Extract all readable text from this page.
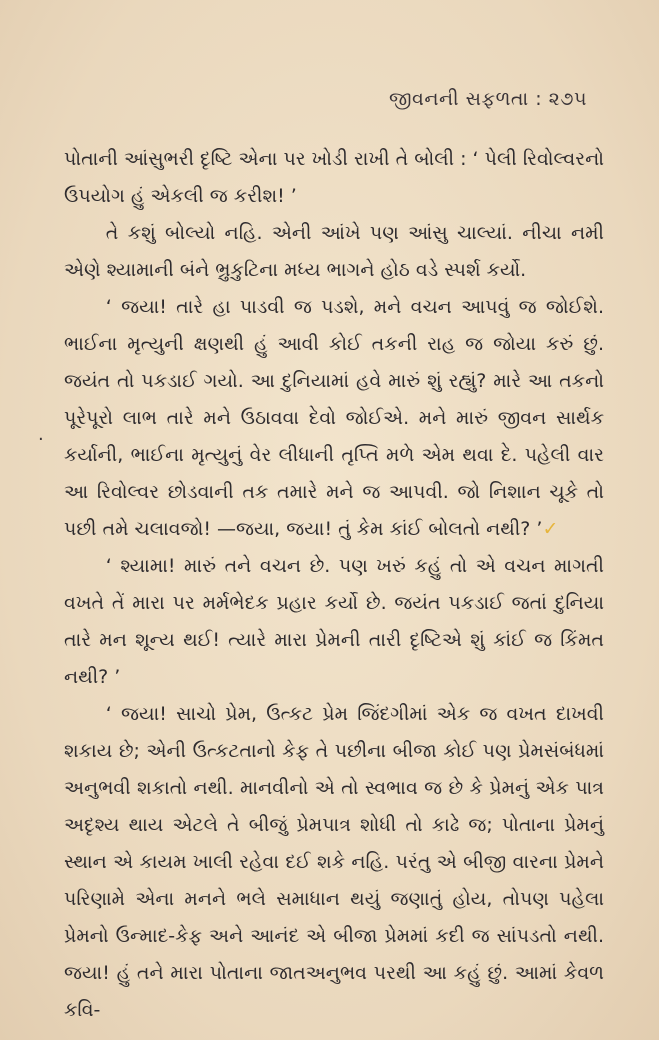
જીવનની સફળતા : ૨૭૫
.

પોતાની આંસુભરી દૃષ્ટિ એના પર ખોડી રાખી તે બોલી : ‘ પેલી રિવોલ્વરનો ઉપયોગ હું એકલી જ કરીશ! ’

તે કશું બોલ્યો નહિ. એની આંખે પણ આંસુ ચાલ્યાં. નીચા નમી એણે શ્યામાની બંને ભ્રુકુટિના મધ્ય ભાગને હોઠ વડે સ્પર્શ કર્યો.

‘ જયા! તારે હા પાડવી જ પડશે, મને વચન આપવું જ જોઈશે. ભાઈના મૃત્યુની ક્ષણથી હું આવી કોઈ તકની રાહ જ જોયા કરું છું. જયંત તો પકડાઈ ગયો. આ દુનિયામાં હવે મારું શું રહ્યું? મારે આ તકનો પૂરેપૂરો લાભ તારે મને ઉઠાવવા દેવો જોઈએ. મને મારું જીવન સાર્થક કર્યાની, ભાઈના મૃત્યુનું વેર લીધાની તૃપ્તિ મળે એમ થવા દે. પહેલી વાર આ રિવોલ્વર છોડવાની તક તમારે મને જ આપવી. જો નિશાન ચૂકે તો પછી તમે ચલાવજો! —જયા, જયા! તું કેમ કાંઈ બોલતો નથી? ’✓

‘ શ્યામા! મારું તને વચન છે. પણ ખરું કહું તો એ વચન માગતી વખતે તેં મારા પર મર્મભેદક પ્રહાર કર્યો છે. જયંત પકડાઈ જતાં દુનિયા તારે મન શૂન્ય થઈ! ત્યારે મારા પ્રેમની તારી દૃષ્ટિએ શું કાંઈ જ કિંમત નથી? ’

‘ જયા! સાચો પ્રેમ, ઉત્કટ પ્રેમ જિંદગીમાં એક જ વખત દાખવી શકાય છે; એની ઉત્કટતાનો કેફ તે પછીના બીજા કોઈ પણ પ્રેમસંબંધમાં અનુભવી શકાતો નથી. માનવીનો એ તો સ્વભાવ જ છે કે પ્રેમનું એક પાત્ર અદૃશ્ય થાય એટલે તે બીજું પ્રેમપાત્ર શોધી તો કાઢે જ; પોતાના પ્રેમનું સ્થાન એ કાયમ ખાલી રહેવા દઈ શકે નહિ. પરંતુ એ બીજી વારના પ્રેમને પરિણામે એના મનને ભલે સમાધાન થયું જણાતું હોય, તોપણ પહેલા પ્રેમનો ઉન્માદ-કેફ અને આનંદ એ બીજા પ્રેમમાં કદી જ સાંપડતો નથી. જયા! હું તને મારા પોતાના જાતઅનુભવ પરથી આ કહું છું. આમાં કેવળ કવિ-
